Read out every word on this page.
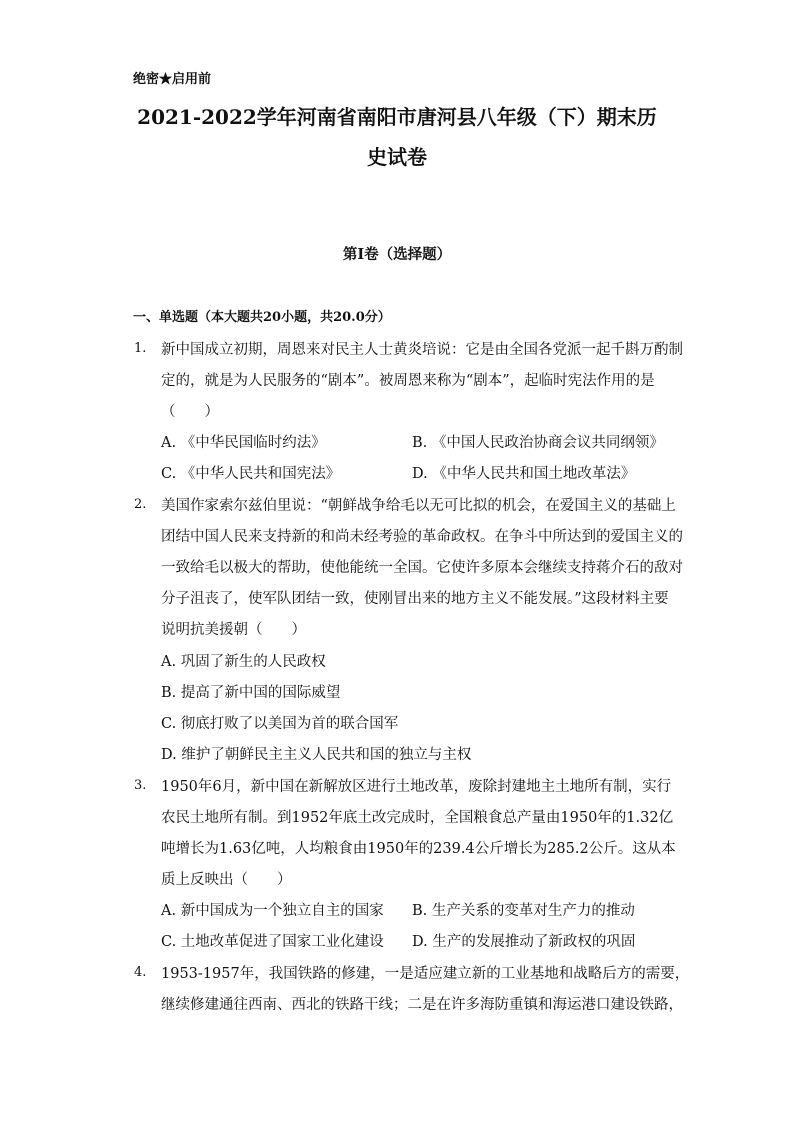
绝密★启用前
2021-2022学年河南省南阳市唐河县八年级（下）期末历
史试卷
第Ⅰ卷（选择题）
一、单选题（本大题共20小题，共20.0分）
1. 新中国成立初期，周恩来对民主人士黄炎培说：它是由全国各党派一起千斟万酌制
定的，就是为人民服务的“剧本”。被周恩来称为“剧本”，起临时宪法作用的是
（　　）
A. 《中华民国临时约法》	B. 《中国人民政治协商会议共同纲领》
C. 《中华人民共和国宪法》	D. 《中华人民共和国土地改革法》
2. 美国作家索尔兹伯里说：“朝鲜战争给毛以无可比拟的机会，在爱国主义的基础上
团结中国人民来支持新的和尚未经考验的革命政权。在争斗中所达到的爱国主义的
一致给毛以极大的帮助，使他能统一全国。它使许多原本会继续支持蒋介石的敌对
分子沮丧了，使军队团结一致，使刚冒出来的地方主义不能发展。”这段材料主要
说明抗美援朝（　　）
A. 巩固了新生的人民政权
B. 提高了新中国的国际威望
C. 彻底打败了以美国为首的联合国军
D. 维护了朝鲜民主主义人民共和国的独立与主权
3. 1950年6月，新中国在新解放区进行土地改革，废除封建地主土地所有制，实行
农民土地所有制。到1952年底土改完成时，全国粮食总产量由1950年的1.32亿
吨增长为1.63亿吨，人均粮食由1950年的239.4公斤增长为285.2公斤。这从本
质上反映出（　　）
A. 新中国成为一个独立自主的国家 B. 生产关系的变革对生产力的推动
C. 土地改革促进了国家工业化建设 D. 生产的发展推动了新政权的巩固
4. 1953-1957年，我国铁路的修建，一是适应建立新的工业基地和战略后方的需要，
继续修建通往西南、西北的铁路干线；二是在许多海防重镇和海运港口建设铁路，
